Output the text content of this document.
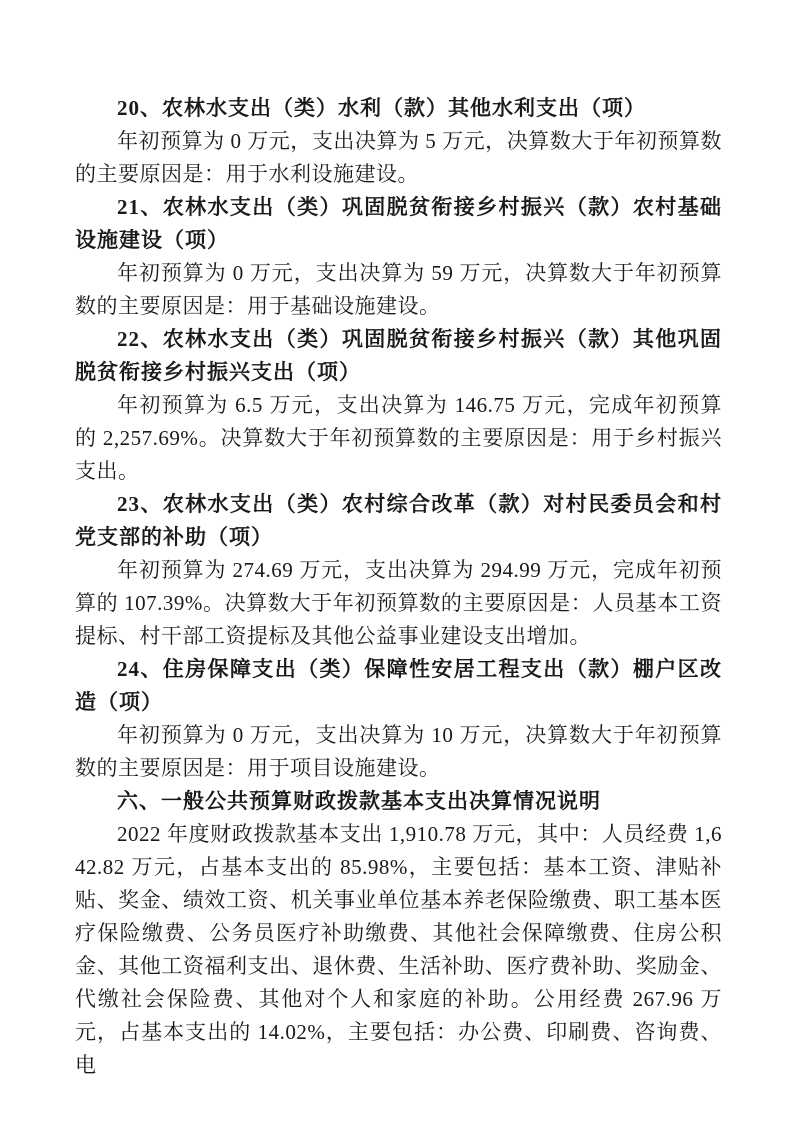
20、农林水支出（类）水利（款）其他水利支出（项）

年初预算为 0 万元，支出决算为 5 万元，决算数大于年初预算数的主要原因是：用于水利设施建设。

21、农林水支出（类）巩固脱贫衔接乡村振兴（款）农村基础设施建设（项）

年初预算为 0 万元，支出决算为 59 万元，决算数大于年初预算数的主要原因是：用于基础设施建设。

22、农林水支出（类）巩固脱贫衔接乡村振兴（款）其他巩固脱贫衔接乡村振兴支出（项）

年初预算为 6.5 万元，支出决算为 146.75 万元，完成年初预算的 2,257.69%。决算数大于年初预算数的主要原因是：用于乡村振兴支出。

23、农林水支出（类）农村综合改革（款）对村民委员会和村党支部的补助（项）

年初预算为 274.69 万元，支出决算为 294.99 万元，完成年初预算的 107.39%。决算数大于年初预算数的主要原因是：人员基本工资提标、村干部工资提标及其他公益事业建设支出增加。

24、住房保障支出（类）保障性安居工程支出（款）棚户区改造（项）

年初预算为 0 万元，支出决算为 10 万元，决算数大于年初预算数的主要原因是：用于项目设施建设。

六、一般公共预算财政拨款基本支出决算情况说明

2022 年度财政拨款基本支出 1,910.78 万元，其中：人员经费 1,642.82 万元，占基本支出的 85.98%，主要包括：基本工资、津贴补贴、奖金、绩效工资、机关事业单位基本养老保险缴费、职工基本医疗保险缴费、公务员医疗补助缴费、其他社会保障缴费、住房公积金、其他工资福利支出、退休费、生活补助、医疗费补助、奖励金、代缴社会保险费、其他对个人和家庭的补助。公用经费 267.96 万元，占基本支出的 14.02%，主要包括：办公费、印刷费、咨询费、电
